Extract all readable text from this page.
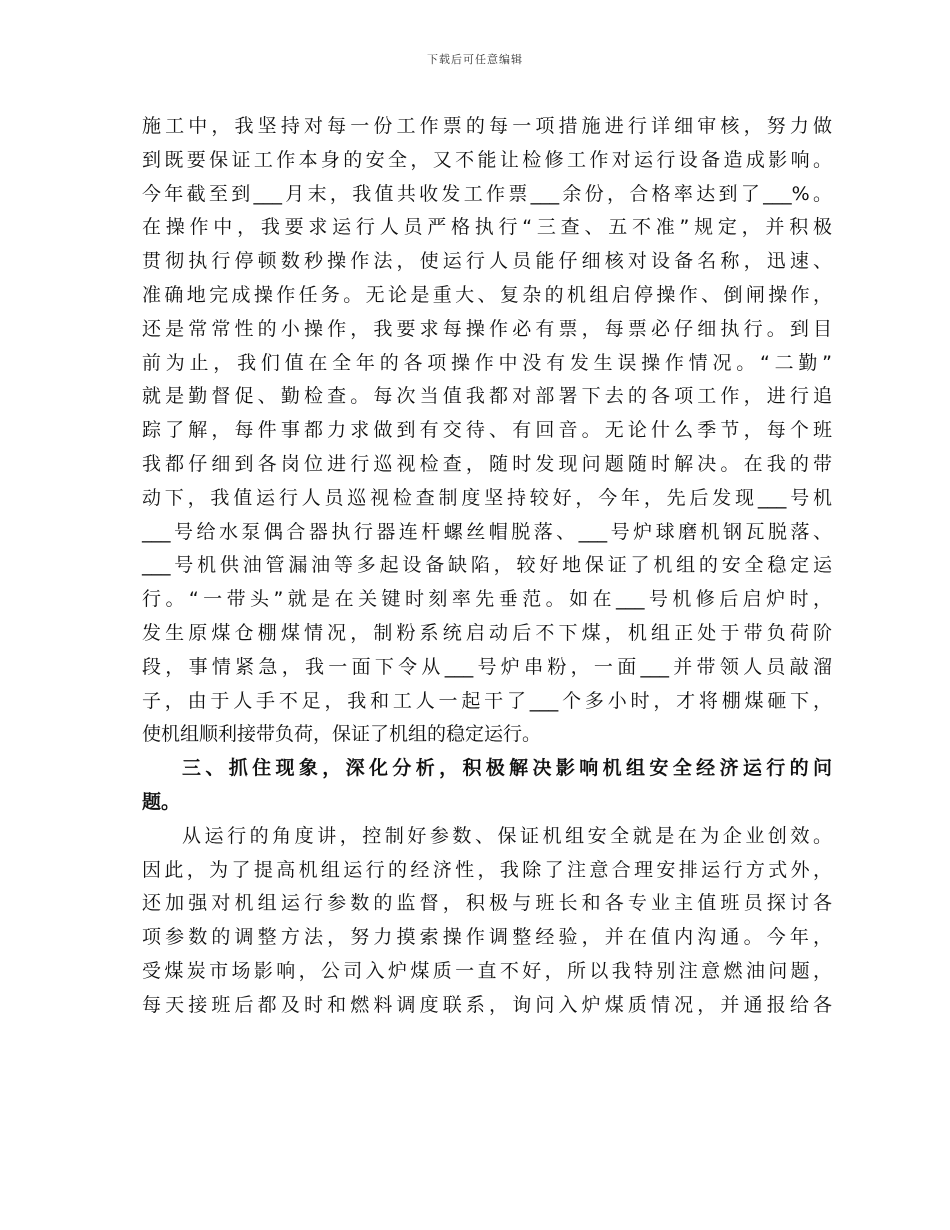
下载后可任意编辑
施工中，我坚持对每一份工作票的每一项措施进行详细审核，努力做
到既要保证工作本身的安全，又不能让检修工作对运行设备造成影响。
今年截至到___月末，我值共收发工作票___余份，合格率达到了___%。
在操作中，我要求运行人员严格执行“三查、五不准”规定，并积极
贯彻执行停顿数秒操作法，使运行人员能仔细核对设备名称，迅速、
准确地完成操作任务。无论是重大、复杂的机组启停操作、倒闸操作，
还是常常性的小操作，我要求每操作必有票，每票必仔细执行。到目
前为止，我们值在全年的各项操作中没有发生误操作情况。“二勤”
就是勤督促、勤检查。每次当值我都对部署下去的各项工作，进行追
踪了解，每件事都力求做到有交待、有回音。无论什么季节，每个班
我都仔细到各岗位进行巡视检查，随时发现问题随时解决。在我的带
动下，我值运行人员巡视检查制度坚持较好，今年，先后发现___号机
___号给水泵偶合器执行器连杆螺丝帽脱落、___号炉球磨机钢瓦脱落、
___号机供油管漏油等多起设备缺陷，较好地保证了机组的安全稳定运
行。“一带头”就是在关键时刻率先垂范。如在___号机修后启炉时，
发生原煤仓棚煤情况，制粉系统启动后不下煤，机组正处于带负荷阶
段，事情紧急，我一面下令从___号炉串粉，一面___并带领人员敲溜
子，由于人手不足，我和工人一起干了___个多小时，才将棚煤砸下，
使机组顺利接带负荷，保证了机组的稳定运行。
三、抓住现象，深化分析，积极解决影响机组安全经济运行的问
题。
从运行的角度讲，控制好参数、保证机组安全就是在为企业创效。
因此，为了提高机组运行的经济性，我除了注意合理安排运行方式外，
还加强对机组运行参数的监督，积极与班长和各专业主值班员探讨各
项参数的调整方法，努力摸索操作调整经验，并在值内沟通。今年，
受煤炭市场影响，公司入炉煤质一直不好，所以我特别注意燃油问题，
每天接班后都及时和燃料调度联系，询问入炉煤质情况，并通报给各
